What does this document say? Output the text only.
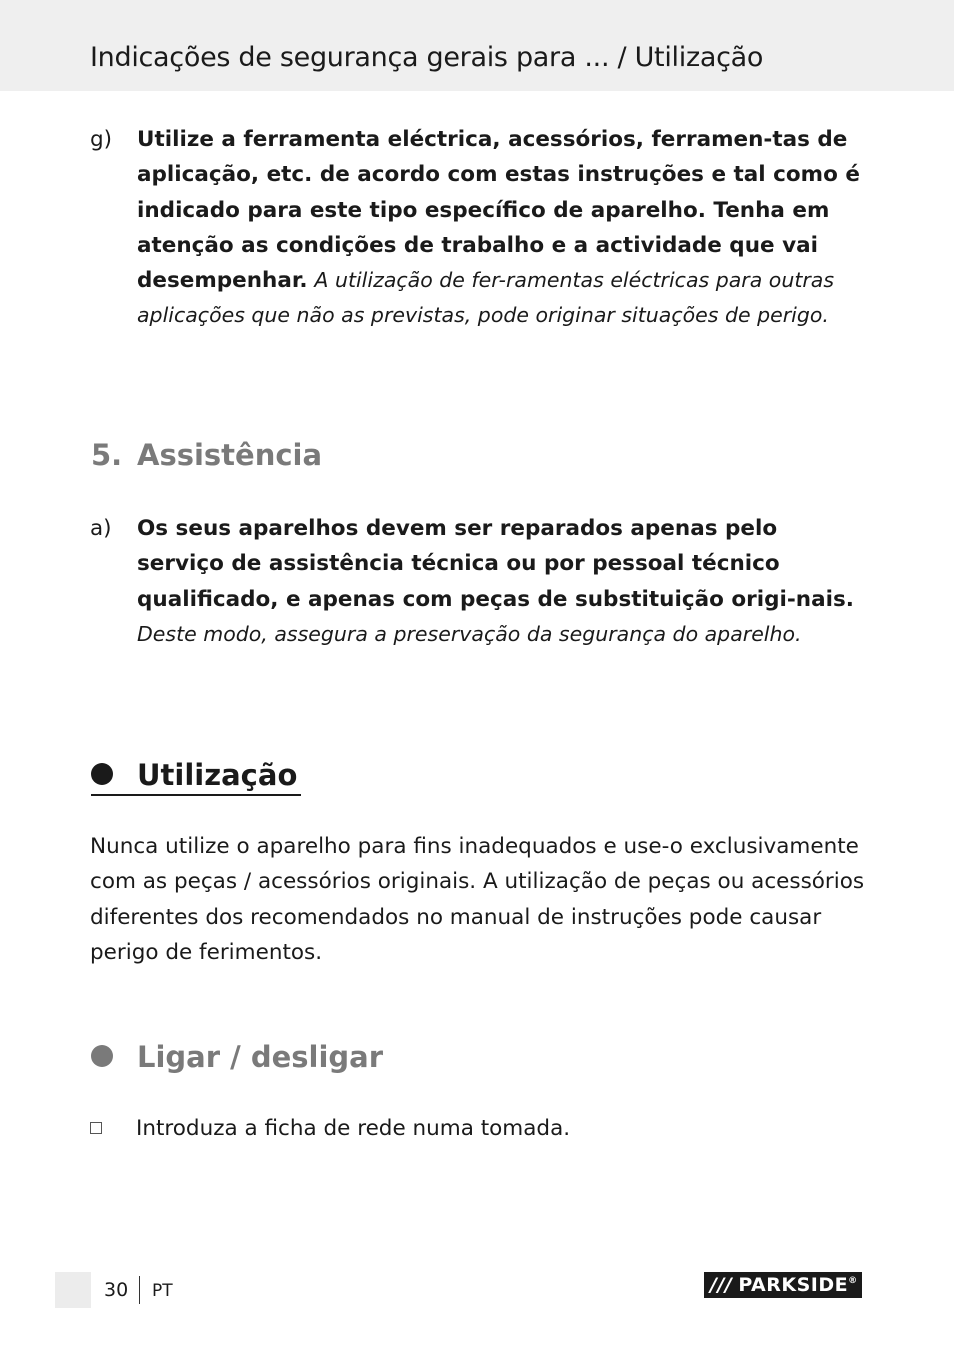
Indicações de segurança gerais para ... / Utilização
g) Utilize a ferramenta eléctrica, acessórios, ferramen-tas de aplicação, etc. de acordo com estas instruções e tal como é indicado para este tipo específico de aparelho. Tenha em atenção as condições de trabalho e a actividade que vai desempenhar. A utilização de fer-ramentas eléctricas para outras aplicações que não as previstas, pode originar situações de perigo.
5. Assistência
a) Os seus aparelhos devem ser reparados apenas pelo serviço de assistência técnica ou por pessoal técnico qualificado, e apenas com peças de substituição origi-nais. Deste modo, assegura a preservação da segurança do aparelho.
Utilização
Nunca utilize o aparelho para fins inadequados e use-o exclusivamente com as peças / acessórios originais. A utilização de peças ou acessórios diferentes dos recomendados no manual de instruções pode causar perigo de ferimentos.
Ligar / desligar
Introduza a ficha de rede numa tomada.
30 PT	/// PARKSIDE®
